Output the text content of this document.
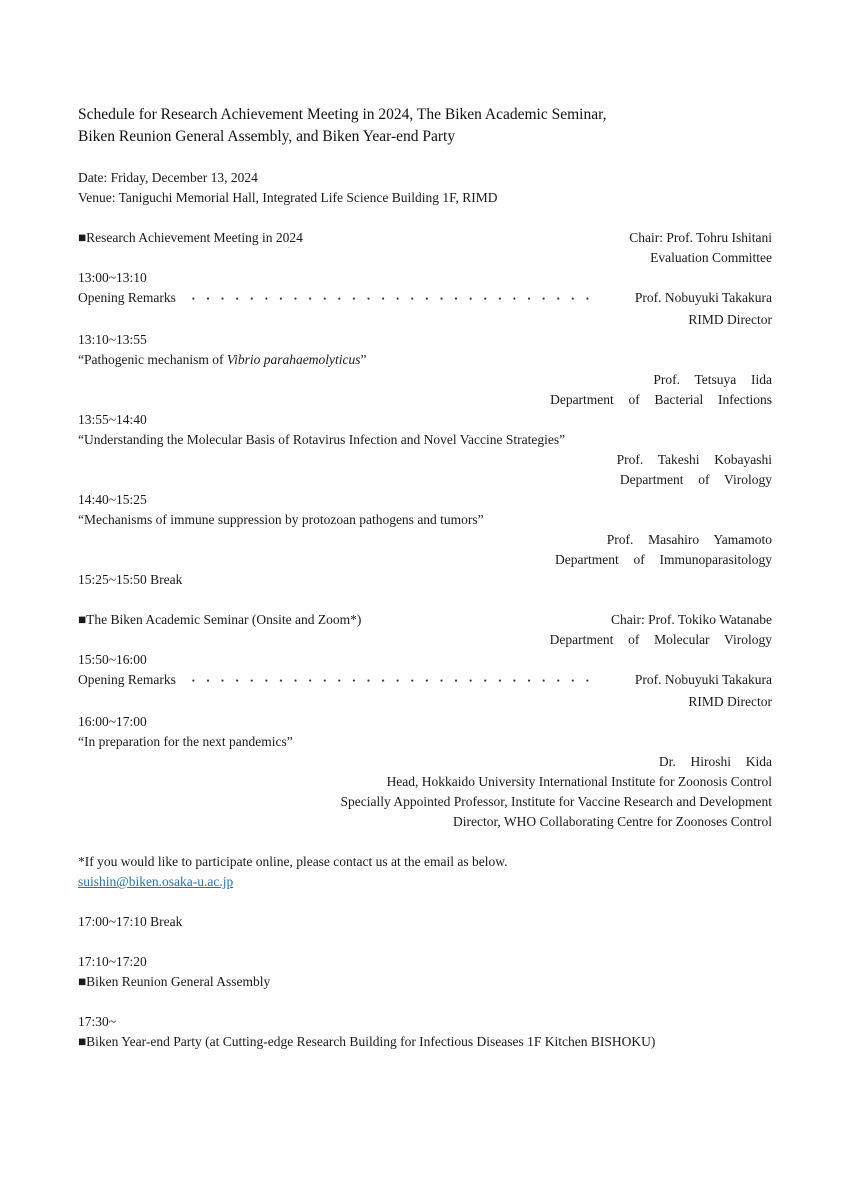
Schedule for Research Achievement Meeting in 2024, The Biken Academic Seminar,
Biken Reunion General Assembly, and Biken Year-end Party
Date: Friday, December 13, 2024
Venue: Taniguchi Memorial Hall, Integrated Life Science Building 1F, RIMD
■Research Achievement Meeting in 2024	Chair: Prof. Tohru Ishitani
Evaluation Committee
13:00~13:10
Opening Remarks	● ● ● ● ● ● ● ● ● ● ● ● ● ● ● ● ● ● ● ● ● ● ● ● ● ● ● ●	Prof. Nobuyuki Takakura
RIMD Director
13:10~13:55
“Pathogenic mechanism of Vibrio parahaemolyticus”
Prof.  Tetsuya  Iida
Department  of  Bacterial  Infections
13:55~14:40
“Understanding the Molecular Basis of Rotavirus Infection and Novel Vaccine Strategies”
Prof.  Takeshi  Kobayashi
Department  of  Virology
14:40~15:25
“Mechanisms of immune suppression by protozoan pathogens and tumors”
Prof.  Masahiro  Yamamoto
Department  of  Immunoparasitology
15:25~15:50 Break
■The Biken Academic Seminar (Onsite and Zoom*)	Chair: Prof. Tokiko Watanabe
Department  of  Molecular  Virology
15:50~16:00
Opening Remarks	● ● ● ● ● ● ● ● ● ● ● ● ● ● ● ● ● ● ● ● ● ● ● ● ● ● ● ●	Prof. Nobuyuki Takakura
RIMD Director
16:00~17:00
“In preparation for the next pandemics”
Dr.  Hiroshi  Kida
Head, Hokkaido University International Institute for Zoonosis Control
Specially Appointed Professor, Institute for Vaccine Research and Development
Director, WHO Collaborating Centre for Zoonoses Control
*If you would like to participate online, please contact us at the email as below.
suishin@biken.osaka-u.ac.jp
17:00~17:10 Break
17:10~17:20
■Biken Reunion General Assembly
17:30~
■Biken Year-end Party (at Cutting-edge Research Building for Infectious Diseases 1F Kitchen BISHOKU)
